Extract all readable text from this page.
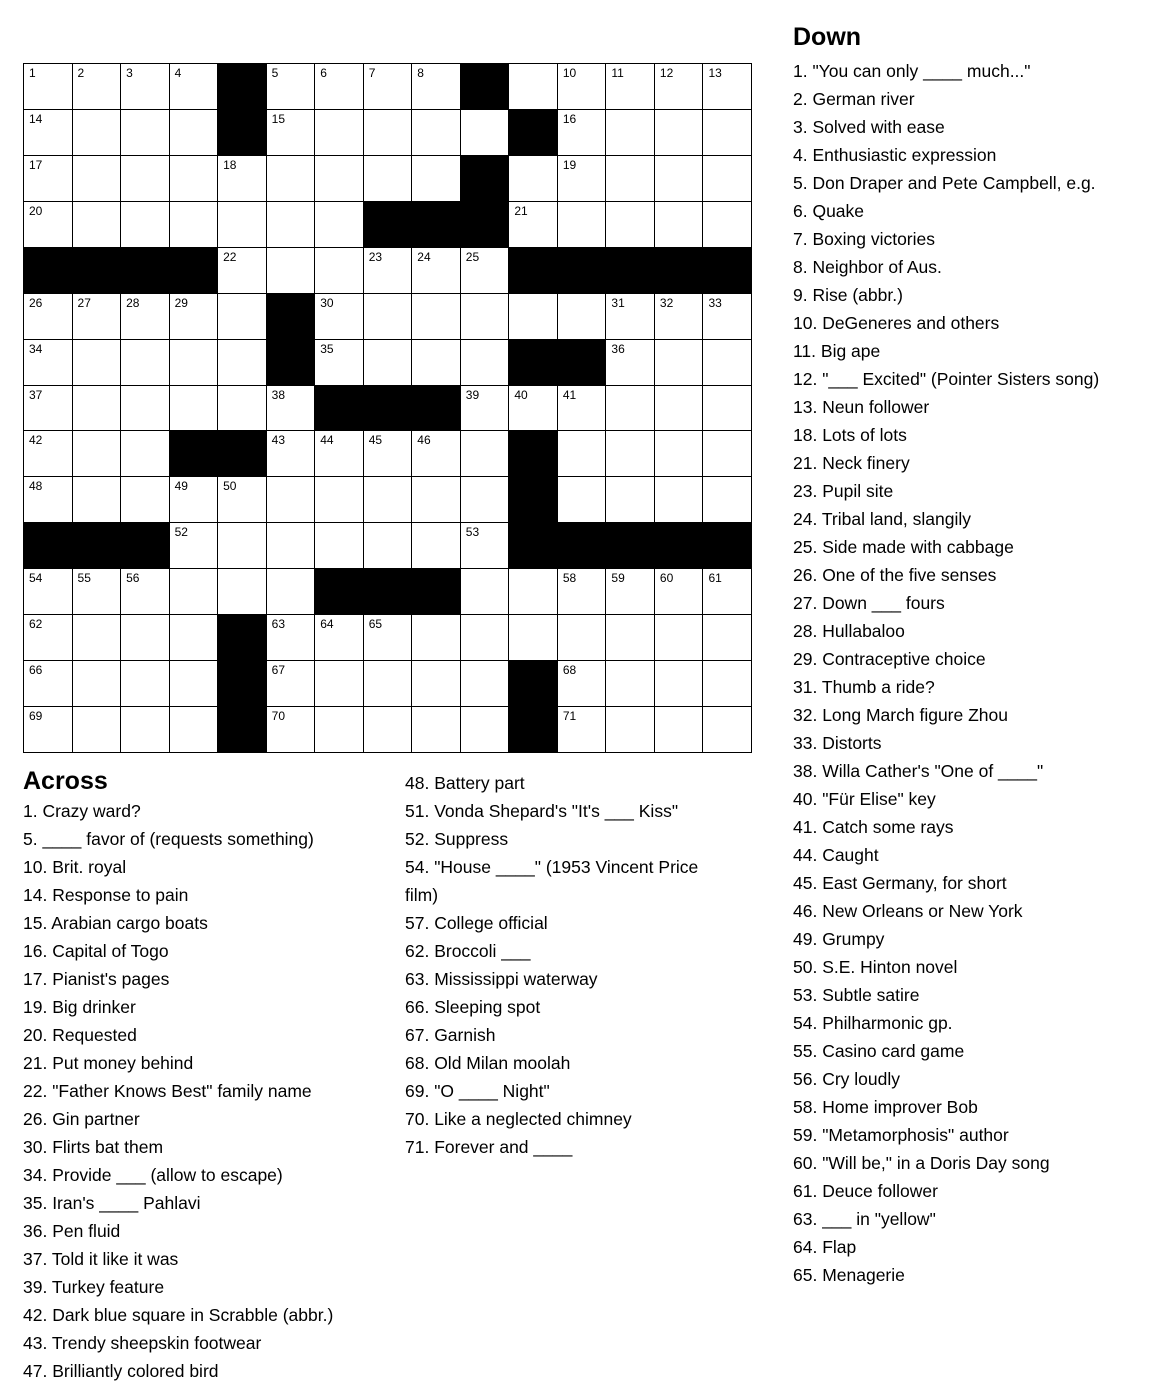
1	2	3	4	5	6	7	8	10	11	12	13
14	15	16
17	18	19
20	21
22	23	24	25
26	27	28	29	30	31	32	33
34	35	36
37	38	39	40	41
42	43	44	45	46
48	49	50
52	53
54	55	56	58	59	60	61
62	63	64	65
66	67	68
69	70	71
Down
1. "You can only ____ much..."
2. German river
3. Solved with ease
4. Enthusiastic expression
5. Don Draper and Pete Campbell, e.g.
6. Quake
7. Boxing victories
8. Neighbor of Aus.
9. Rise (abbr.)
10. DeGeneres and others
11. Big ape
12. "___ Excited" (Pointer Sisters song)
13. Neun follower
18. Lots of lots
21. Neck finery
23. Pupil site
24. Tribal land, slangily
25. Side made with cabbage
26. One of the five senses
27. Down ___ fours
28. Hullabaloo
29. Contraceptive choice
31. Thumb a ride?
32. Long March figure Zhou
33. Distorts
38. Willa Cather's "One of ____"
40. "Für Elise" key
41. Catch some rays
44. Caught
45. East Germany, for short
46. New Orleans or New York
49. Grumpy
50. S.E. Hinton novel
53. Subtle satire
54. Philharmonic gp.
55. Casino card game
56. Cry loudly
58. Home improver Bob
59. "Metamorphosis" author
60. "Will be," in a Doris Day song
61. Deuce follower
63. ___ in "yellow"
64. Flap
65. Menagerie
Across
1. Crazy ward?
5. ____ favor of (requests something)
10. Brit. royal
14. Response to pain
15. Arabian cargo boats
16. Capital of Togo
17. Pianist's pages
19. Big drinker
20. Requested
21. Put money behind
22. "Father Knows Best" family name
26. Gin partner
30. Flirts bat them
34. Provide ___ (allow to escape)
35. Iran's ____ Pahlavi
36. Pen fluid
37. Told it like it was
39. Turkey feature
42. Dark blue square in Scrabble (abbr.)
43. Trendy sheepskin footwear
47. Brilliantly colored bird
48. Battery part
51. Vonda Shepard's "It's ___ Kiss"
52. Suppress
54. "House ____" (1953 Vincent Price
film)
57. College official
62. Broccoli ___
63. Mississippi waterway
66. Sleeping spot
67. Garnish
68. Old Milan moolah
69. "O ____ Night"
70. Like a neglected chimney
71. Forever and ____
